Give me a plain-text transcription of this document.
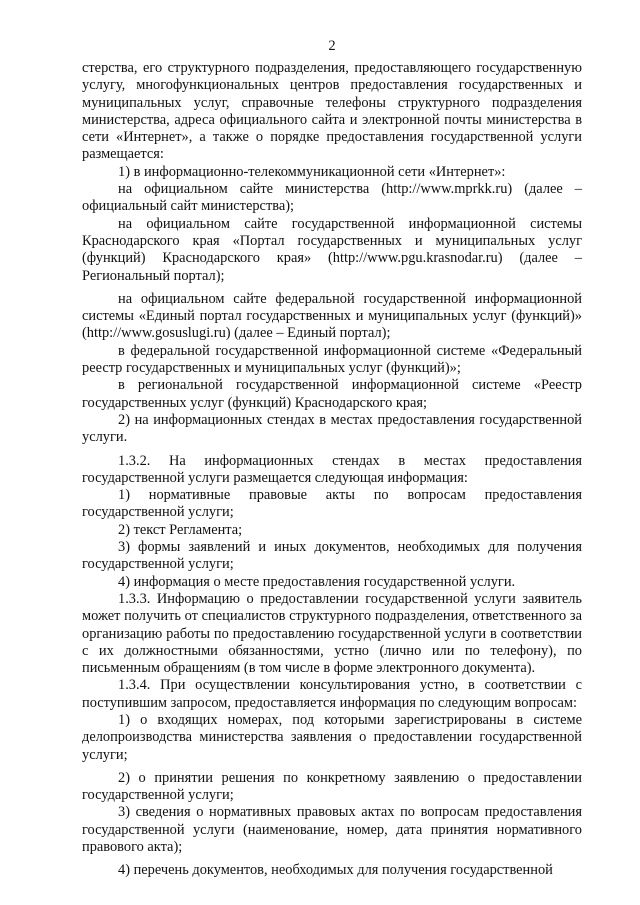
2

стерства, его структурного подразделения, предоставляющего государственную услугу, многофункциональных центров предоставления государственных и муниципальных услуг, справочные телефоны структурного подразделения министерства, адреса официального сайта и электронной почты министерства в сети «Интернет», а также о порядке предоставления государственной услуги размещается:

1) в информационно-телекоммуникационной сети «Интернет»:

на официальном сайте министерства (http://www.mprkk.ru) (далее – официальный сайт министерства);

на официальном сайте государственной информационной системы Краснодарского края «Портал государственных и муниципальных услуг (функций) Краснодарского края» (http://www.pgu.krasnodar.ru) (далее – Региональный портал);

на официальном сайте федеральной государственной информационной системы «Единый портал государственных и муниципальных услуг (функций)» (http://www.gosuslugi.ru) (далее – Единый портал);

в федеральной государственной информационной системе «Федеральный реестр государственных и муниципальных услуг (функций)»;

в региональной государственной информационной системе «Реестр государственных услуг (функций) Краснодарского края;

2) на информационных стендах в местах предоставления государственной услуги.

1.3.2. На информационных стендах в местах предоставления государственной услуги размещается следующая информация:

1) нормативные правовые акты по вопросам предоставления государственной услуги;

2) текст Регламента;

3) формы заявлений и иных документов, необходимых для получения государственной услуги;

4) информация о месте предоставления государственной услуги.

1.3.3. Информацию о предоставлении государственной услуги заявитель может получить от специалистов структурного подразделения, ответственного за организацию работы по предоставлению государственной услуги в соответствии с их должностными обязанностями, устно (лично или по телефону), по письменным обращениям (в том числе в форме электронного документа).

1.3.4. При осуществлении консультирования устно, в соответствии с поступившим запросом, предоставляется информация по следующим вопросам:

1) о входящих номерах, под которыми зарегистрированы в системе делопроизводства министерства заявления о предоставлении государственной услуги;

2) о принятии решения по конкретному заявлению о предоставлении государственной услуги;

3) сведения о нормативных правовых актах по вопросам предоставления государственной услуги (наименование, номер, дата принятия нормативного правового акта);

4) перечень документов, необходимых для получения государственной
